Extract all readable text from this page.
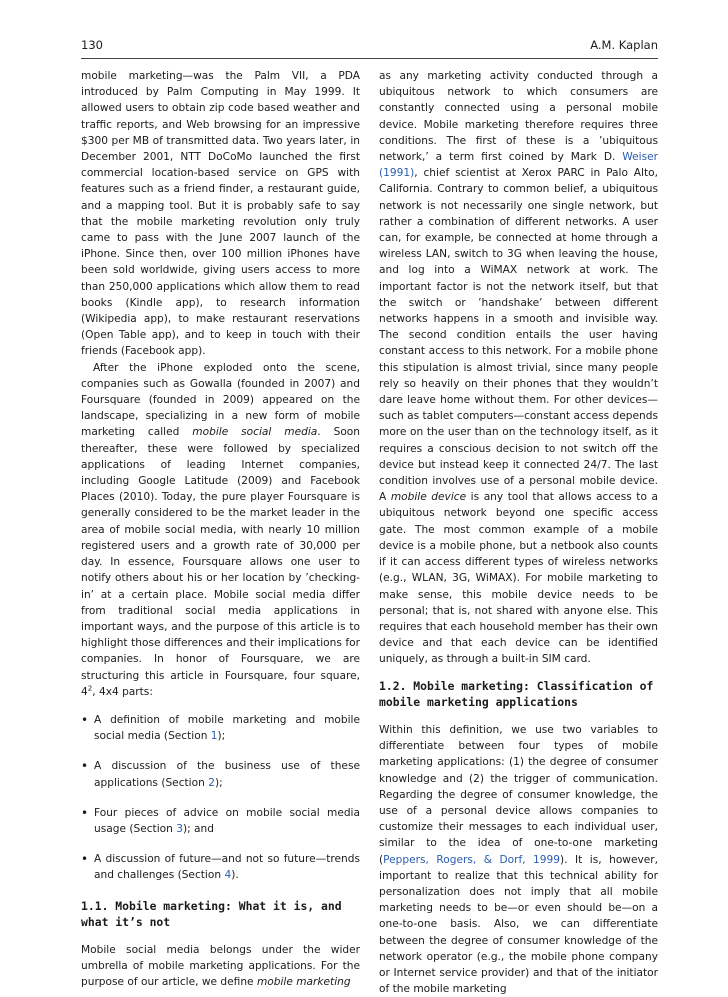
130	A.M. Kaplan

mobile marketing—was the Palm VII, a PDA introduced by Palm Computing in May 1999. It allowed users to obtain zip code based weather and traffic reports, and Web browsing for an impressive $300 per MB of transmitted data. Two years later, in December 2001, NTT DoCoMo launched the first commercial location-based service on GPS with features such as a friend finder, a restaurant guide, and a mapping tool. But it is probably safe to say that the mobile marketing revolution only truly came to pass with the June 2007 launch of the iPhone. Since then, over 100 million iPhones have been sold worldwide, giving users access to more than 250,000 applications which allow them to read books (Kindle app), to research information (Wikipedia app), to make restaurant reservations (Open Table app), and to keep in touch with their friends (Facebook app).

After the iPhone exploded onto the scene, companies such as Gowalla (founded in 2007) and Foursquare (founded in 2009) appeared on the landscape, specializing in a new form of mobile marketing called mobile social media. Soon thereafter, these were followed by specialized applications of leading Internet companies, including Google Latitude (2009) and Facebook Places (2010). Today, the pure player Foursquare is generally considered to be the market leader in the area of mobile social media, with nearly 10 million registered users and a growth rate of 30,000 per day. In essence, Foursquare allows one user to notify others about his or her location by ’checking-in’ at a certain place. Mobile social media differ from traditional social media applications in important ways, and the purpose of this article is to highlight those differences and their implications for companies. In honor of Foursquare, we are structuring this article in Foursquare, four square, $4^2$, 4x4 parts:

• A definition of mobile marketing and mobile social media (Section 1);
• A discussion of the business use of these applications (Section 2);
• Four pieces of advice on mobile social media usage (Section 3); and
• A discussion of future—and not so future—trends and challenges (Section 4).
1.1. Mobile marketing: What it is, and what it’s not

Mobile social media belongs under the wider umbrella of mobile marketing applications. For the purpose of our article, we define mobile marketing

as any marketing activity conducted through a ubiquitous network to which consumers are constantly connected using a personal mobile device. Mobile marketing therefore requires three conditions. The first of these is a ’ubiquitous network,’ a term first coined by Mark D. Weiser (1991), chief scientist at Xerox PARC in Palo Alto, California. Contrary to common belief, a ubiquitous network is not necessarily one single network, but rather a combination of different networks. A user can, for example, be connected at home through a wireless LAN, switch to 3G when leaving the house, and log into a WiMAX network at work. The important factor is not the network itself, but that the switch or ’handshake’ between different networks happens in a smooth and invisible way. The second condition entails the user having constant access to this network. For a mobile phone this stipulation is almost trivial, since many people rely so heavily on their phones that they wouldn’t dare leave home without them. For other devices—such as tablet computers—constant access depends more on the user than on the technology itself, as it requires a conscious decision to not switch off the device but instead keep it connected 24/7. The last condition involves use of a personal mobile device. A mobile device is any tool that allows access to a ubiquitous network beyond one specific access gate. The most common example of a mobile device is a mobile phone, but a netbook also counts if it can access different types of wireless networks (e.g., WLAN, 3G, WiMAX). For mobile marketing to make sense, this mobile device needs to be personal; that is, not shared with anyone else. This requires that each household member has their own device and that each device can be identified uniquely, as through a built-in SIM card.

1.2. Mobile marketing: Classification of mobile marketing applications

Within this definition, we use two variables to differentiate between four types of mobile marketing applications: (1) the degree of consumer knowledge and (2) the trigger of communication. Regarding the degree of consumer knowledge, the use of a personal device allows companies to customize their messages to each individual user, similar to the idea of one-to-one marketing (Peppers, Rogers, & Dorf, 1999). It is, however, important to realize that this technical ability for personalization does not imply that all mobile marketing needs to be—or even should be—on a one-to-one basis. Also, we can differentiate between the degree of consumer knowledge of the network operator (e.g., the mobile phone company or Internet service provider) and that of the initiator of the mobile marketing
